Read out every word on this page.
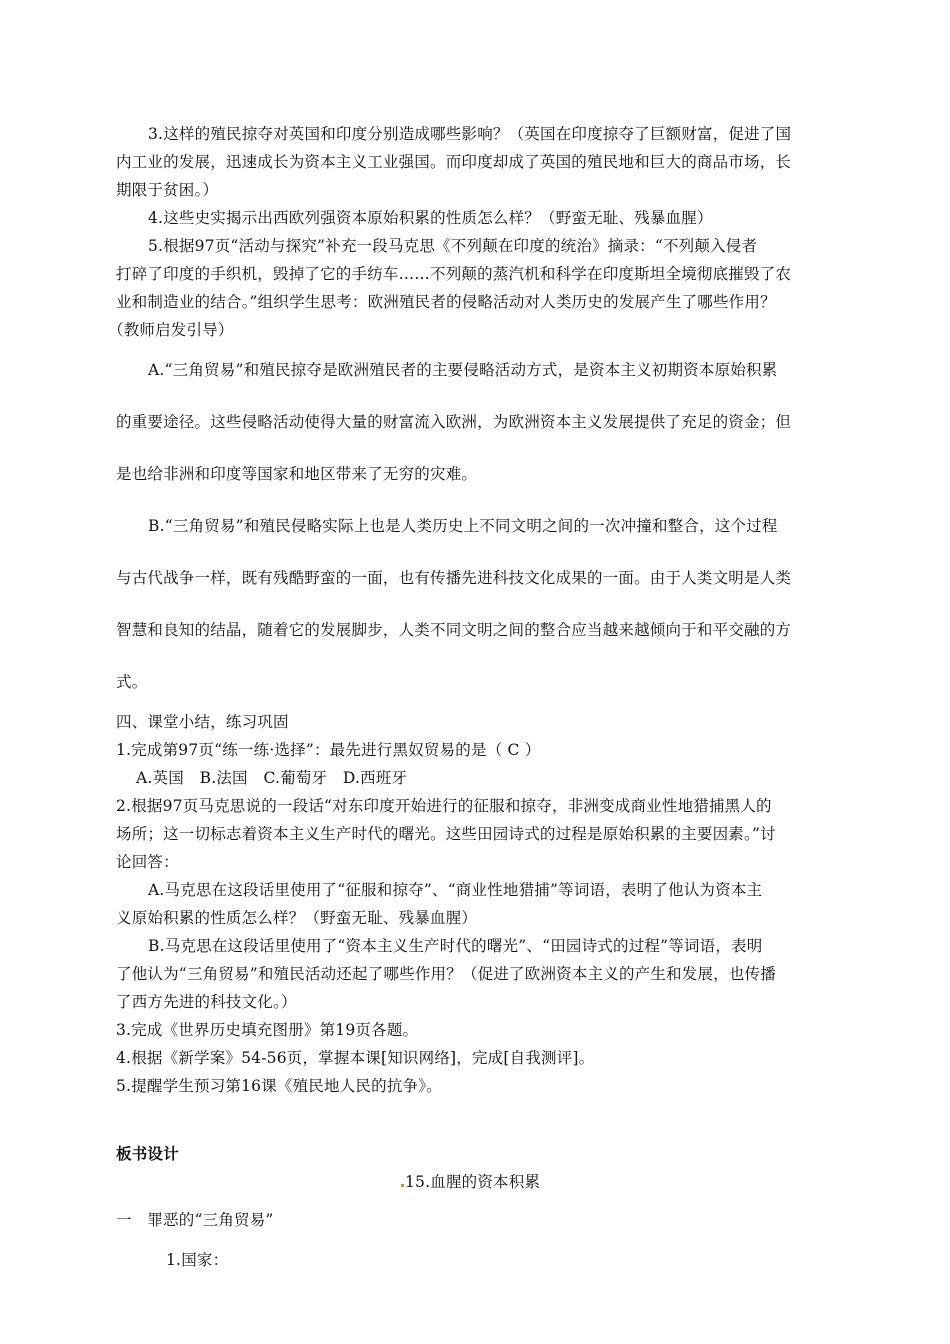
3.这样的殖民掠夺对英国和印度分别造成哪些影响？（英国在印度掠夺了巨额财富，促进了国

内工业的发展，迅速成长为资本主义工业强国。而印度却成了英国的殖民地和巨大的商品市场，长

期限于贫困。）

4.这些史实揭示出西欧列强资本原始积累的性质怎么样？（野蛮无耻、残暴血腥）

5.根据97页“活动与探究”补充一段马克思《不列颠在印度的统治》摘录：“不列颠入侵者

打碎了印度的手织机，毁掉了它的手纺车……不列颠的蒸汽机和科学在印度斯坦全境彻底摧毁了农

业和制造业的结合。”组织学生思考：欧洲殖民者的侵略活动对人类历史的发展产生了哪些作用？

（教师启发引导）

A.“三角贸易”和殖民掠夺是欧洲殖民者的主要侵略活动方式，是资本主义初期资本原始积累

的重要途径。这些侵略活动使得大量的财富流入欧洲，为欧洲资本主义发展提供了充足的资金；但

是也给非洲和印度等国家和地区带来了无穷的灾难。

B.“三角贸易”和殖民侵略实际上也是人类历史上不同文明之间的一次冲撞和整合，这个过程

与古代战争一样，既有残酷野蛮的一面，也有传播先进科技文化成果的一面。由于人类文明是人类

智慧和良知的结晶，随着它的发展脚步，人类不同文明之间的整合应当越来越倾向于和平交融的方

式。

四、课堂小结，练习巩固

1.完成第97页“练一练·选择”：最先进行黑奴贸易的是（ C ）

A.英国　B.法国　C.葡萄牙　D.西班牙

2.根据97页马克思说的一段话“对东印度开始进行的征服和掠夺，非洲变成商业性地猎捕黑人的

场所；这一切标志着资本主义生产时代的曙光。这些田园诗式的过程是原始积累的主要因素。”讨

论回答：

A.马克思在这段话里使用了“征服和掠夺”、“商业性地猎捕”等词语，表明了他认为资本主

义原始积累的性质怎么样？（野蛮无耻、残暴血腥）

B.马克思在这段话里使用了“资本主义生产时代的曙光”、“田园诗式的过程”等词语，表明

了他认为“三角贸易”和殖民活动还起了哪些作用？（促进了欧洲资本主义的产生和发展，也传播

了西方先进的科技文化。）

3.完成《世界历史填充图册》第19页各题。

4.根据《新学案》54-56页，掌握本课[知识网络]，完成[自我测评]。

5.提醒学生预习第16课《殖民地人民的抗争》。

板书设计

15.血腥的资本积累

一　罪恶的“三角贸易”

1.国家：
